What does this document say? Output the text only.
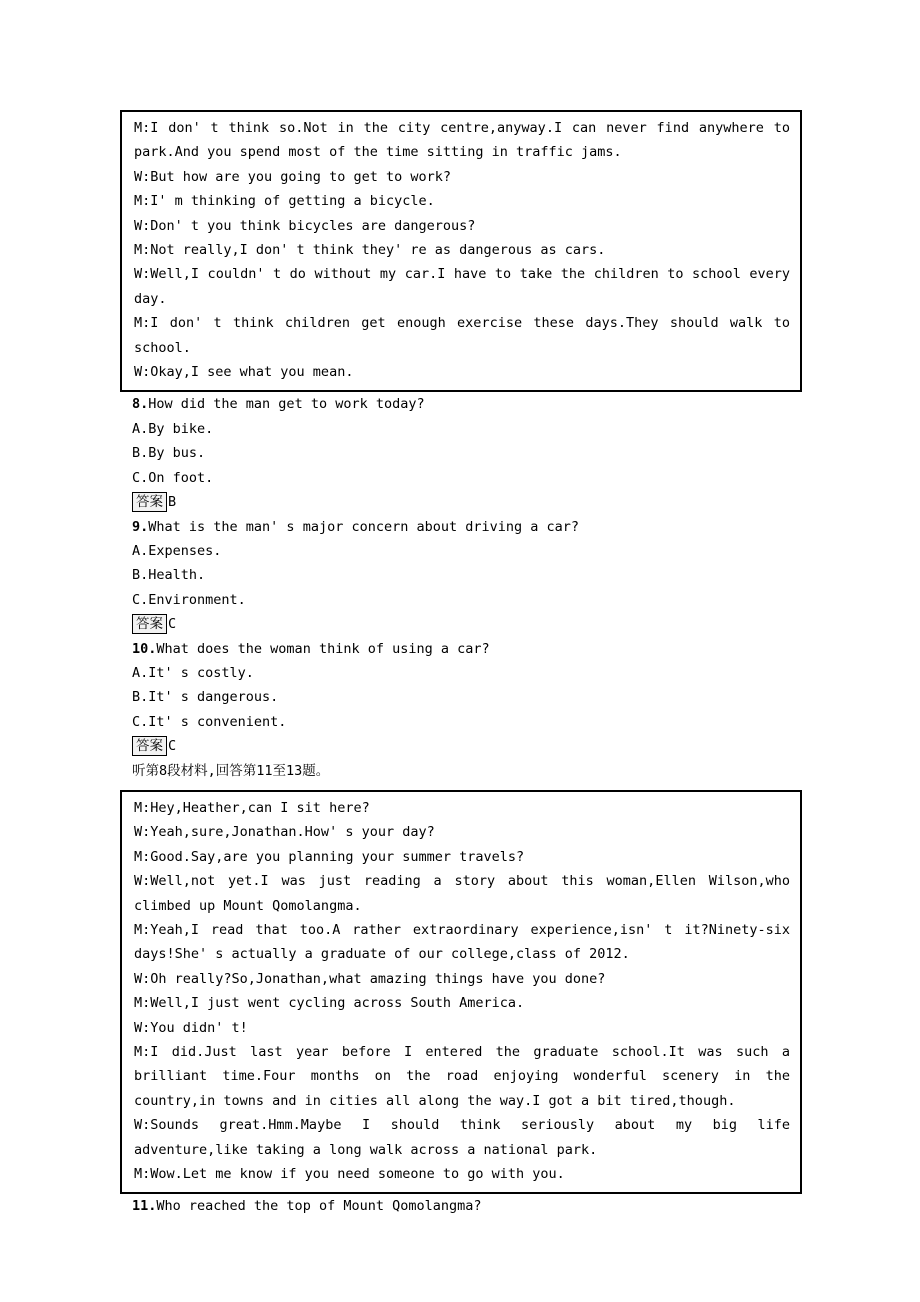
M:I don' t think so.Not in the city centre,anyway.I can never find anywhere to park.And you spend most of the time sitting in traffic jams.

W:But how are you going to get to work?

M:I' m thinking of getting a bicycle.

W:Don' t you think bicycles are dangerous?

M:Not really,I don' t think they' re as dangerous as cars.

W:Well,I couldn' t do without my car.I have to take the children to school every day.

M:I don' t think children get enough exercise these days.They should walk to school.

W:Okay,I see what you mean.

8.How did the man get to work today?

A.By bike.

B.By bus.

C.On foot.

答案 B

9.What is the man' s major concern about driving a car?

A.Expenses.

B.Health.

C.Environment.

答案 C

10.What does the woman think of using a car?

A.It' s costly.

B.It' s dangerous.

C.It' s convenient.

答案 C

听第8段材料,回答第11至13题。

M:Hey,Heather,can I sit here?

W:Yeah,sure,Jonathan.How' s your day?

M:Good.Say,are you planning your summer travels?

W:Well,not yet.I was just reading a story about this woman,Ellen Wilson,who climbed up Mount Qomolangma.

M:Yeah,I read that too.A rather extraordinary experience,isn' t it?Ninety-six days!She' s actually a graduate of our college,class of 2012.

W:Oh really?So,Jonathan,what amazing things have you done?

M:Well,I just went cycling across South America.

W:You didn' t!

M:I did.Just last year before I entered the graduate school.It was such a brilliant time.Four months on the road enjoying wonderful scenery in the country,in towns and in cities all along the way.I got a bit tired,though.

W:Sounds great.Hmm.Maybe I should think seriously about my big life adventure,like taking a long walk across a national park.

M:Wow.Let me know if you need someone to go with you.

11.Who reached the top of Mount Qomolangma?
